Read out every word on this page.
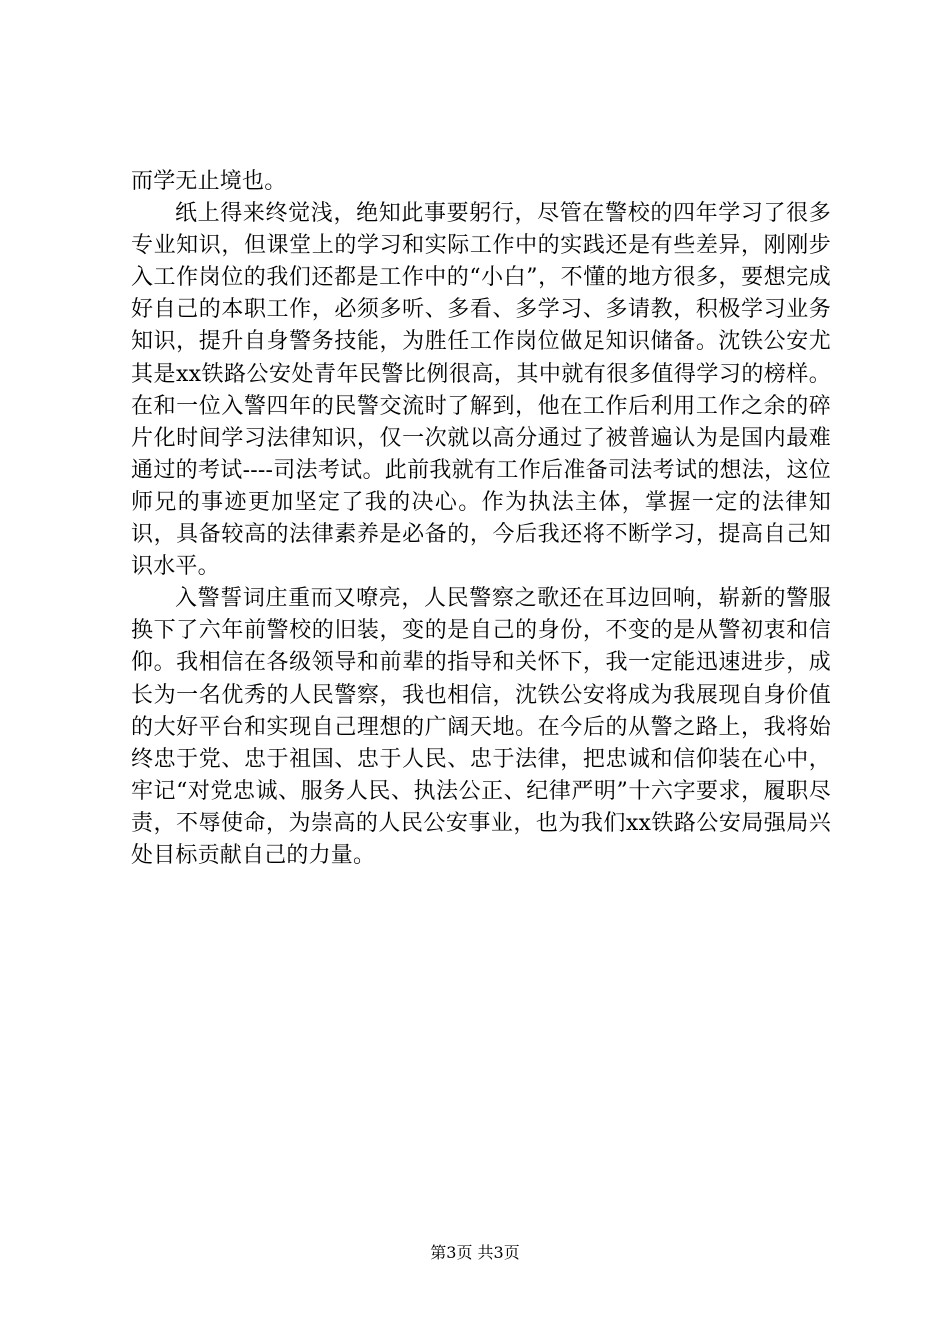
而学无止境也。

纸上得来终觉浅，绝知此事要躬行，尽管在警校的四年学习了很多专业知识，但课堂上的学习和实际工作中的实践还是有些差异，刚刚步入工作岗位的我们还都是工作中的“小白”，不懂的地方很多，要想完成好自己的本职工作，必须多听、多看、多学习、多请教，积极学习业务知识，提升自身警务技能，为胜任工作岗位做足知识储备。沈铁公安尤其是xx铁路公安处青年民警比例很高，其中就有很多值得学习的榜样。在和一位入警四年的民警交流时了解到，他在工作后利用工作之余的碎片化时间学习法律知识，仅一次就以高分通过了被普遍认为是国内最难通过的考试----司法考试。此前我就有工作后准备司法考试的想法，这位师兄的事迹更加坚定了我的决心。作为执法主体，掌握一定的法律知识，具备较高的法律素养是必备的，今后我还将不断学习，提高自己知识水平。

入警誓词庄重而又嘹亮，人民警察之歌还在耳边回响，崭新的警服换下了六年前警校的旧装，变的是自己的身份，不变的是从警初衷和信仰。我相信在各级领导和前辈的指导和关怀下，我一定能迅速进步，成长为一名优秀的人民警察，我也相信，沈铁公安将成为我展现自身价值的大好平台和实现自己理想的广阔天地。在今后的从警之路上，我将始终忠于党、忠于祖国、忠于人民、忠于法律，把忠诚和信仰装在心中，牢记“对党忠诚、服务人民、执法公正、纪律严明”十六字要求，履职尽责，不辱使命，为崇高的人民公安事业，也为我们xx铁路公安局强局兴处目标贡献自己的力量。

第3页 共3页
